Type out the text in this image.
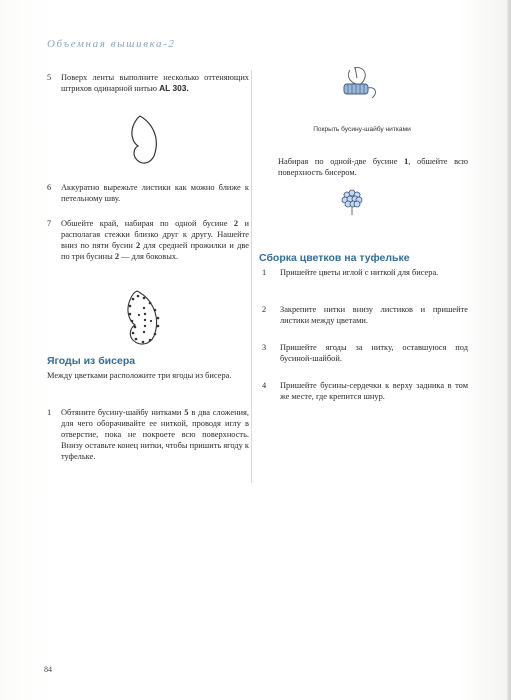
Объемная вышивка-2
5	Поверх ленты выполните несколько оттеняющих штрихов одинарной нитью AL 303.
6	Аккуратно вырежьте листики как можно ближе к петельному шву.
7	Обшейте край, набирая по одной бусине 2 и располагая стежки близко друг к другу. Нашейте вниз по пяти бусин 2 для средней прожилки и две по три бусины 2 — для боковых.
Ягоды из бисера
Между цветками расположите три ягоды из бисера.
1	Обтяните бусину-шайбу нитками 5 в два сложения, для чего оборачивайте ее ниткой, проводя иглу в отверстие, пока не покроете всю поверхность. Внизу оставьте конец нитки, чтобы пришить ягоду к туфельке.
Покрыть бусину-шайбу нитками
Набирая по одной-две бусине 1, обшейте всю поверхность бисером.
Сборка цветков на туфельке
1	Пришейте цветы иглой с ниткой для бисера.
2	Закрепите нитки внизу листиков и пришейте листики между цветами.
3	Пришейте ягоды за нитку, оставшуюся под бусиной-шайбой.
4	Пришейте бусины-сердечки к верху задника в том же месте, где крепится шнур.
84
